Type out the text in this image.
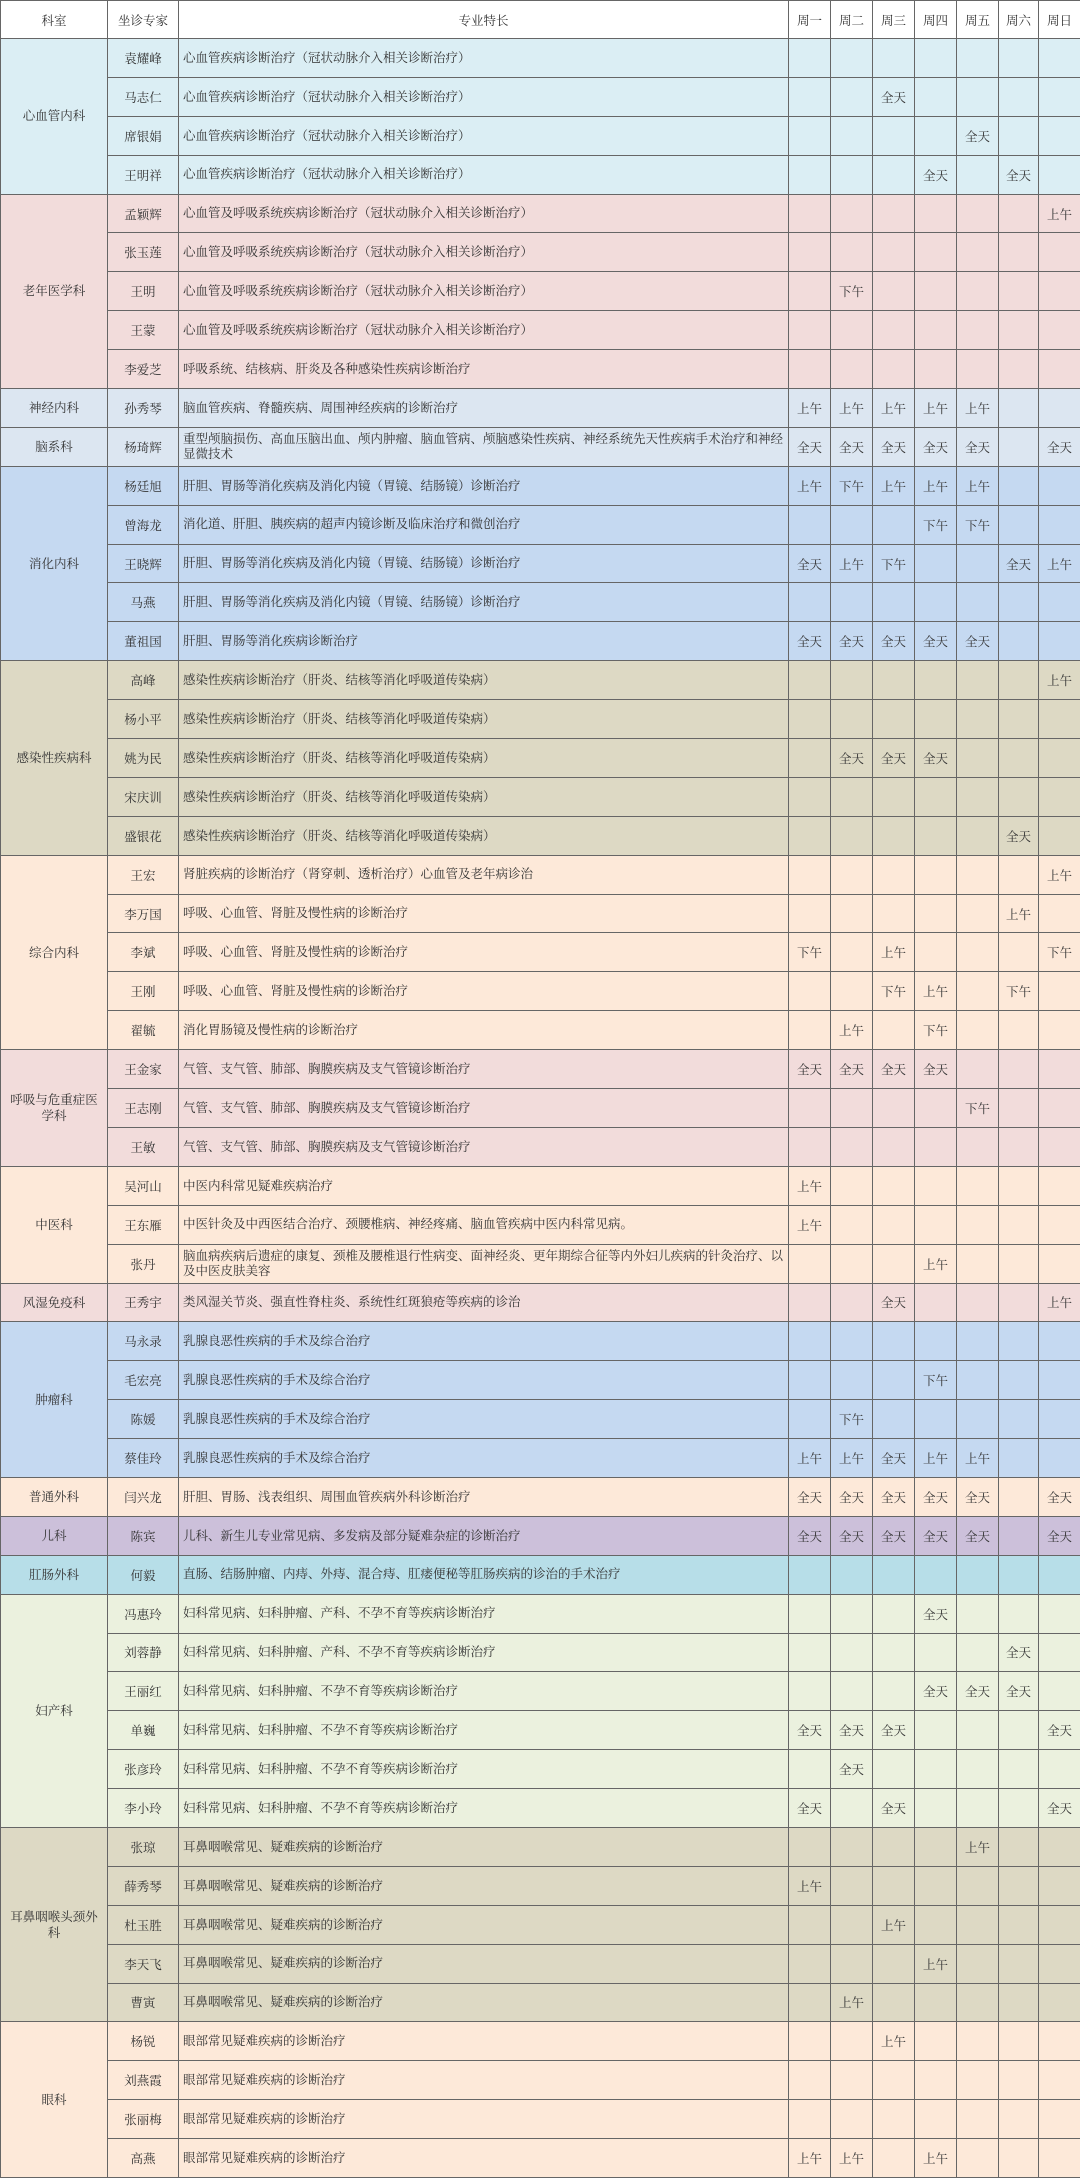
科室	坐诊专家	专业特长	周一	周二	周三	周四	周五	周六	周日
心血管内科	袁耀峰	心血管疾病诊断治疗（冠状动脉介入相关诊断治疗）							
	马志仁	心血管疾病诊断治疗（冠状动脉介入相关诊断治疗）			全天				
	席银娟	心血管疾病诊断治疗（冠状动脉介入相关诊断治疗）					全天		
	王明祥	心血管疾病诊断治疗（冠状动脉介入相关诊断治疗）				全天		全天	
老年医学科	孟颖辉	心血管及呼吸系统疾病诊断治疗（冠状动脉介入相关诊断治疗）							上午
	张玉莲	心血管及呼吸系统疾病诊断治疗（冠状动脉介入相关诊断治疗）							
	王明	心血管及呼吸系统疾病诊断治疗（冠状动脉介入相关诊断治疗）		下午					
	王蒙	心血管及呼吸系统疾病诊断治疗（冠状动脉介入相关诊断治疗）							
	李爱芝	呼吸系统、结核病、肝炎及各种感染性疾病诊断治疗							
神经内科	孙秀琴	脑血管疾病、脊髓疾病、周围神经疾病的诊断治疗	上午	上午	上午	上午	上午		
脑系科	杨琦辉	重型颅脑损伤、高血压脑出血、颅内肿瘤、脑血管病、颅脑感染性疾病、神经系统先天性疾病手术治疗和神经显微技术	全天	全天	全天	全天	全天		全天
消化内科	杨廷旭	肝胆、胃肠等消化疾病及消化内镜（胃镜、结肠镜）诊断治疗	上午	下午	上午	上午	上午		
	曾海龙	消化道、肝胆、胰疾病的超声内镜诊断及临床治疗和微创治疗				下午	下午		
	王晓辉	肝胆、胃肠等消化疾病及消化内镜（胃镜、结肠镜）诊断治疗	全天	上午	下午			全天	上午
	马燕	肝胆、胃肠等消化疾病及消化内镜（胃镜、结肠镜）诊断治疗							
	董祖国	肝胆、胃肠等消化疾病诊断治疗	全天	全天	全天	全天	全天		
感染性疾病科	高峰	感染性疾病诊断治疗（肝炎、结核等消化呼吸道传染病）							上午
	杨小平	感染性疾病诊断治疗（肝炎、结核等消化呼吸道传染病）							
	姚为民	感染性疾病诊断治疗（肝炎、结核等消化呼吸道传染病）		全天	全天	全天			
	宋庆训	感染性疾病诊断治疗（肝炎、结核等消化呼吸道传染病）							
	盛银花	感染性疾病诊断治疗（肝炎、结核等消化呼吸道传染病）						全天	
综合内科	王宏	肾脏疾病的诊断治疗（肾穿刺、透析治疗）心血管及老年病诊治							上午
	李万国	呼吸、心血管、肾脏及慢性病的诊断治疗						上午	
	李斌	呼吸、心血管、肾脏及慢性病的诊断治疗	下午		上午				下午
	王刚	呼吸、心血管、肾脏及慢性病的诊断治疗			下午	上午		下午	
	翟毓	消化胃肠镜及慢性病的诊断治疗		上午		下午			
呼吸与危重症医学科	王金家	气管、支气管、肺部、胸膜疾病及支气管镜诊断治疗	全天	全天	全天	全天			
	王志刚	气管、支气管、肺部、胸膜疾病及支气管镜诊断治疗					下午		
	王敏	气管、支气管、肺部、胸膜疾病及支气管镜诊断治疗							
中医科	吴河山	中医内科常见疑难疾病治疗	上午						
	王东雁	中医针灸及中西医结合治疗、颈腰椎病、神经疼痛、脑血管疾病中医内科常见病。	上午						
	张丹	脑血病疾病后遗症的康复、颈椎及腰椎退行性病变、面神经炎、更年期综合征等内外妇儿疾病的针灸治疗、以及中医皮肤美容				上午			
风湿免疫科	王秀宇	类风湿关节炎、强直性脊柱炎、系统性红斑狼疮等疾病的诊治			全天				上午
肿瘤科	马永录	乳腺良恶性疾病的手术及综合治疗							
	毛宏亮	乳腺良恶性疾病的手术及综合治疗				下午			
	陈媛	乳腺良恶性疾病的手术及综合治疗		下午					
	蔡佳玲	乳腺良恶性疾病的手术及综合治疗	上午	上午	全天	上午	上午		
普通外科	闫兴龙	肝胆、胃肠、浅表组织、周围血管疾病外科诊断治疗	全天	全天	全天	全天	全天		全天
儿科	陈宾	儿科、新生儿专业常见病、多发病及部分疑难杂症的诊断治疗	全天	全天	全天	全天	全天		全天
肛肠外科	何毅	直肠、结肠肿瘤、内痔、外痔、混合痔、肛瘘便秘等肛肠疾病的诊治的手术治疗							
妇产科	冯惠玲	妇科常见病、妇科肿瘤、产科、不孕不育等疾病诊断治疗				全天			
	刘蓉静	妇科常见病、妇科肿瘤、产科、不孕不育等疾病诊断治疗						全天	
	王丽红	妇科常见病、妇科肿瘤、不孕不育等疾病诊断治疗				全天	全天	全天	
	单巍	妇科常见病、妇科肿瘤、不孕不育等疾病诊断治疗	全天	全天	全天				全天
	张彦玲	妇科常见病、妇科肿瘤、不孕不育等疾病诊断治疗		全天					
	李小玲	妇科常见病、妇科肿瘤、不孕不育等疾病诊断治疗	全天		全天				全天
耳鼻咽喉头颈外科	张琼	耳鼻咽喉常见、疑难疾病的诊断治疗					上午		
	薛秀琴	耳鼻咽喉常见、疑难疾病的诊断治疗	上午						
	杜玉胜	耳鼻咽喉常见、疑难疾病的诊断治疗			上午				
	李天飞	耳鼻咽喉常见、疑难疾病的诊断治疗				上午			
	曹寅	耳鼻咽喉常见、疑难疾病的诊断治疗		上午					
眼科	杨锐	眼部常见疑难疾病的诊断治疗			上午				
	刘燕霞	眼部常见疑难疾病的诊断治疗							
	张丽梅	眼部常见疑难疾病的诊断治疗							
	高燕	眼部常见疑难疾病的诊断治疗	上午	上午		上午			
